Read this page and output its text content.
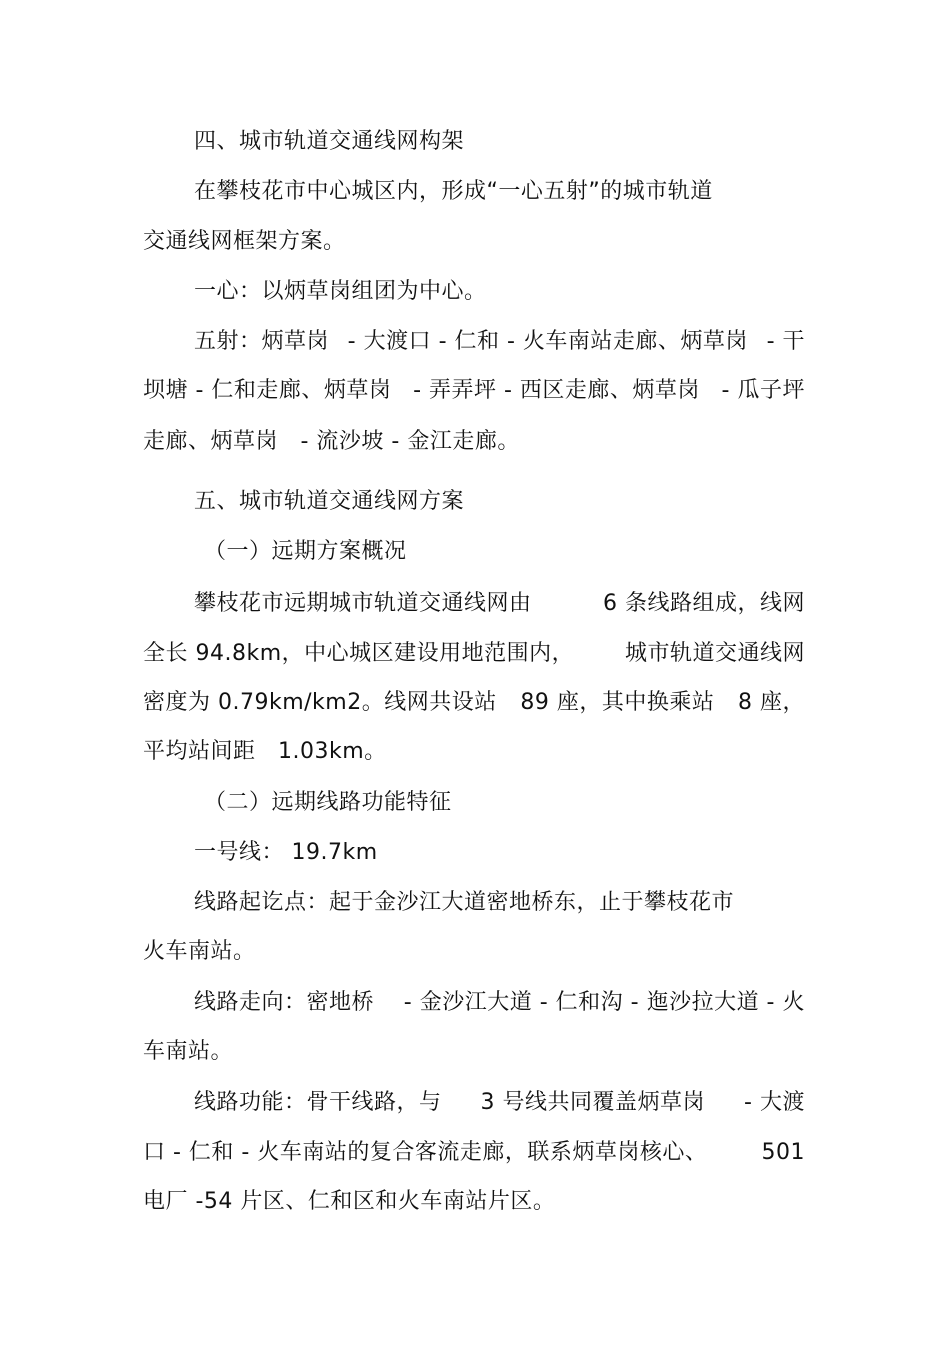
四、城市轨道交通线网构架
在攀枝花市中心城区内，形成“一心五射”的城市轨道
交通线网框架方案。
一心：以炳草岗组团为中心。
五射：炳草岗 - 大渡口 - 仁和 - 火车南站走廊、炳草岗 - 干
坝塘 - 仁和走廊、炳草岗 - 弄弄坪 - 西区走廊、炳草岗 - 瓜子坪
走廊、炳草岗　- 流沙坡 - 金江走廊。
五、城市轨道交通线网方案
（一）远期方案概况
攀枝花市远期城市轨道交通线网由	6 条线路组成，线网
全长 94.8km，中心城区建设用地范围内， 城市轨道交通线网
密度为 0.79km/km2。线网共设站 89 座，其中换乘站 8 座，
平均站间距　1.03km。
（二）远期线路功能特征
一号线： 19.7km
线路起讫点：起于金沙江大道密地桥东，止于攀枝花市
火车南站。
线路走向：密地桥 - 金沙江大道 - 仁和沟 - 迤沙拉大道 - 火
车南站。
线路功能：骨干线路，与 3 号线共同覆盖炳草岗 - 大渡
口 - 仁和 - 火车南站的复合客流走廊，联系炳草岗核心、 501
电厂 -54 片区、仁和区和火车南站片区。
